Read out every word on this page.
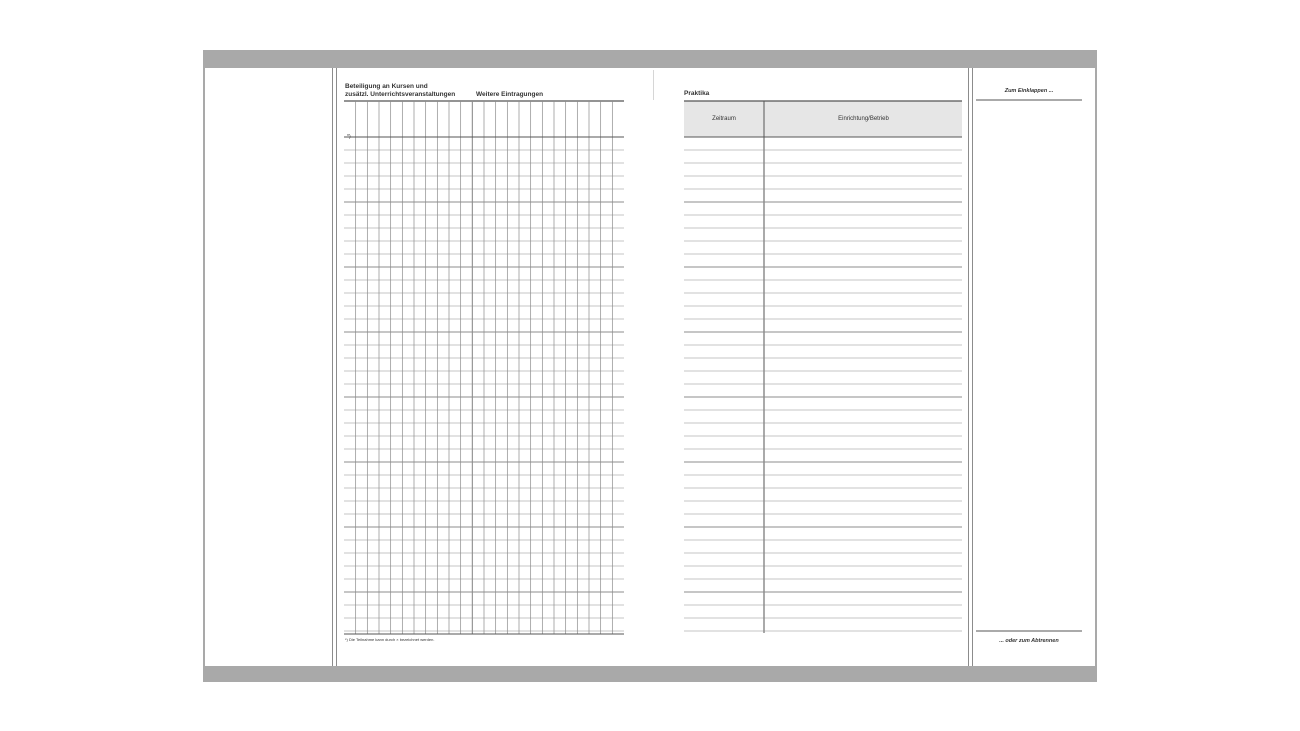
Beteiligung an Kursen und
zusätzl. Unterrichtsveranstaltungen	Weitere Eintragungen
*)
*) Die Teilnahme kann durch × bezeichnet werden.
Praktika
Zeitraum	Einrichtung/Betrieb
Zum Einklappen ...
... oder zum Abtrennen
